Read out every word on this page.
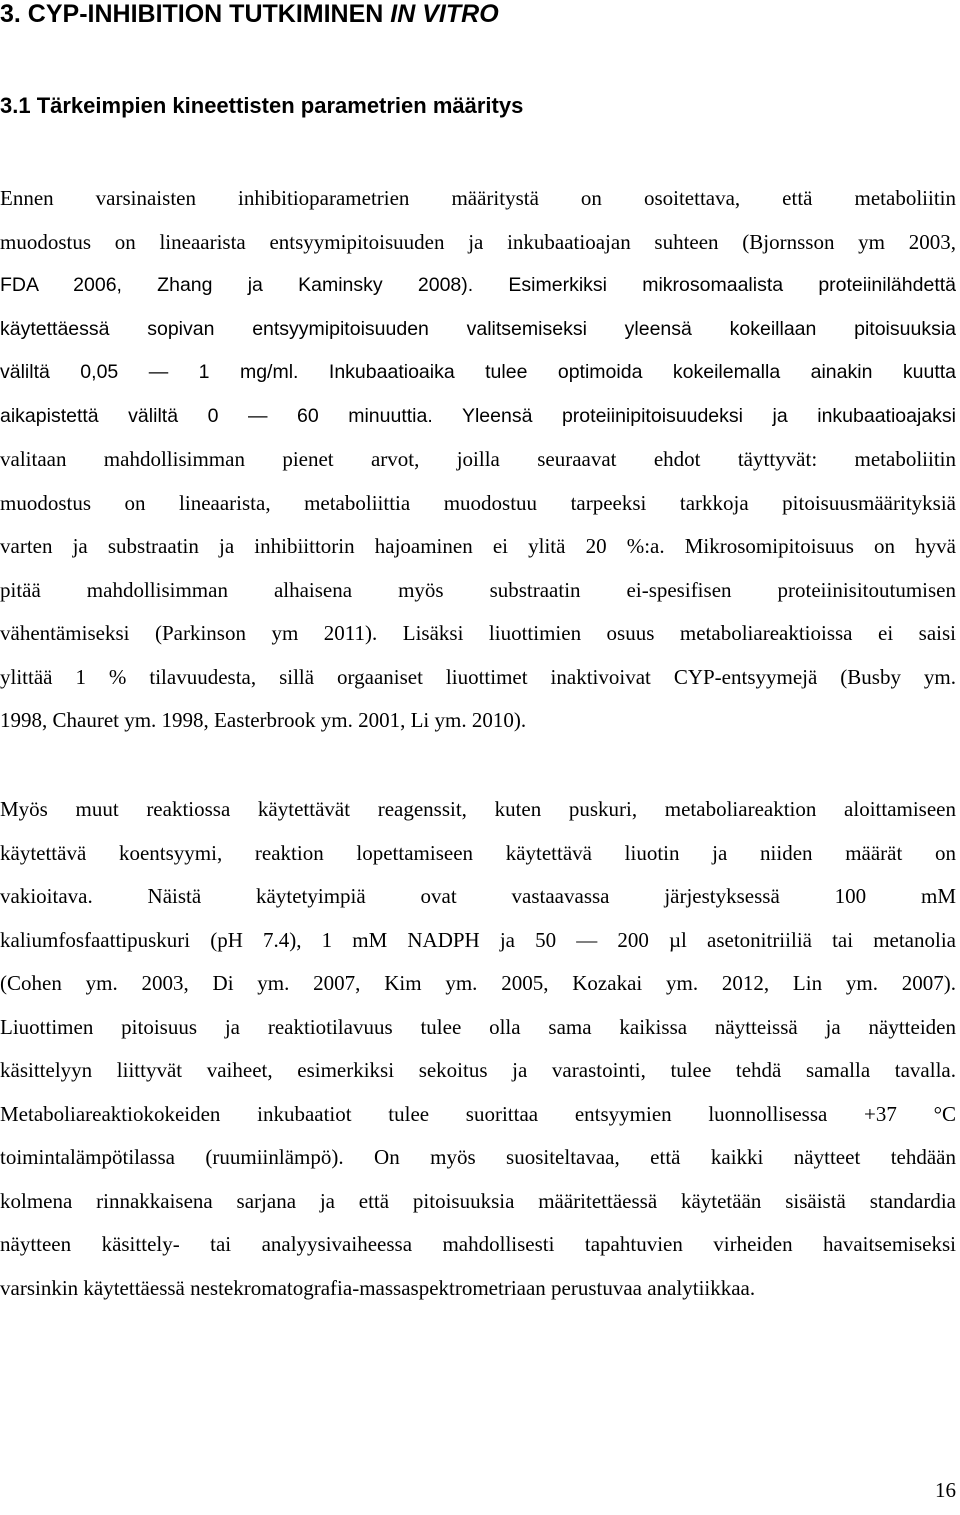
3. CYP-INHIBITION TUTKIMINEN IN VITRO
3.1 Tärkeimpien kineettisten parametrien määritys
Ennen varsinaisten inhibitioparametrien määritystä on osoitettava, että metaboliitin
muodostus on lineaarista entsyymipitoisuuden ja inkubaatioajan suhteen (Bjornsson ym 2003,
FDA 2006, Zhang ja Kaminsky 2008). Esimerkiksi mikrosomaalista proteiinilähdettä
käytettäessä sopivan entsyymipitoisuuden valitsemiseksi yleensä kokeillaan pitoisuuksia
väliltä 0,05 — 1 mg/ml. Inkubaatioaika tulee optimoida kokeilemalla ainakin kuutta
aikapistettä väliltä 0 — 60 minuuttia. Yleensä proteiinipitoisuudeksi ja inkubaatioajaksi
valitaan mahdollisimman pienet arvot, joilla seuraavat ehdot täyttyvät: metaboliitin
muodostus on lineaarista, metaboliittia muodostuu tarpeeksi tarkkoja pitoisuusmäärityksiä
varten ja substraatin ja inhibiittorin hajoaminen ei ylitä 20 %:a. Mikrosomipitoisuus on hyvä
pitää mahdollisimman alhaisena myös substraatin ei-spesifisen proteiinisitoutumisen
vähentämiseksi (Parkinson ym 2011). Lisäksi liuottimien osuus metaboliareaktioissa ei saisi
ylittää 1 % tilavuudesta, sillä orgaaniset liuottimet inaktivoivat CYP-entsyymejä (Busby ym.
1998, Chauret ym. 1998, Easterbrook ym. 2001, Li ym. 2010).
Myös muut reaktiossa käytettävät reagenssit, kuten puskuri, metaboliareaktion aloittamiseen
käytettävä koentsyymi, reaktion lopettamiseen käytettävä liuotin ja niiden määrät on
vakioitava. Näistä käytetyimpiä ovat vastaavassa järjestyksessä 100 mM
kaliumfosfaattipuskuri (pH 7.4), 1 mM NADPH ja 50 — 200 µl asetonitriiliä tai metanolia
(Cohen ym. 2003, Di ym. 2007, Kim ym. 2005, Kozakai ym. 2012, Lin ym. 2007).
Liuottimen pitoisuus ja reaktiotilavuus tulee olla sama kaikissa näytteissä ja näytteiden
käsittelyyn liittyvät vaiheet, esimerkiksi sekoitus ja varastointi, tulee tehdä samalla tavalla.
Metaboliareaktiokokeiden inkubaatiot tulee suorittaa entsyymien luonnollisessa +37 °C
toimintalämpötilassa (ruumiinlämpö). On myös suositeltavaa, että kaikki näytteet tehdään
kolmena rinnakkaisena sarjana ja että pitoisuuksia määritettäessä käytetään sisäistä standardia
näytteen käsittely- tai analyysivaiheessa mahdollisesti tapahtuvien virheiden havaitsemiseksi
varsinkin käytettäessä nestekromatografia-massaspektrometriaan perustuvaa analytiikkaa.
16
